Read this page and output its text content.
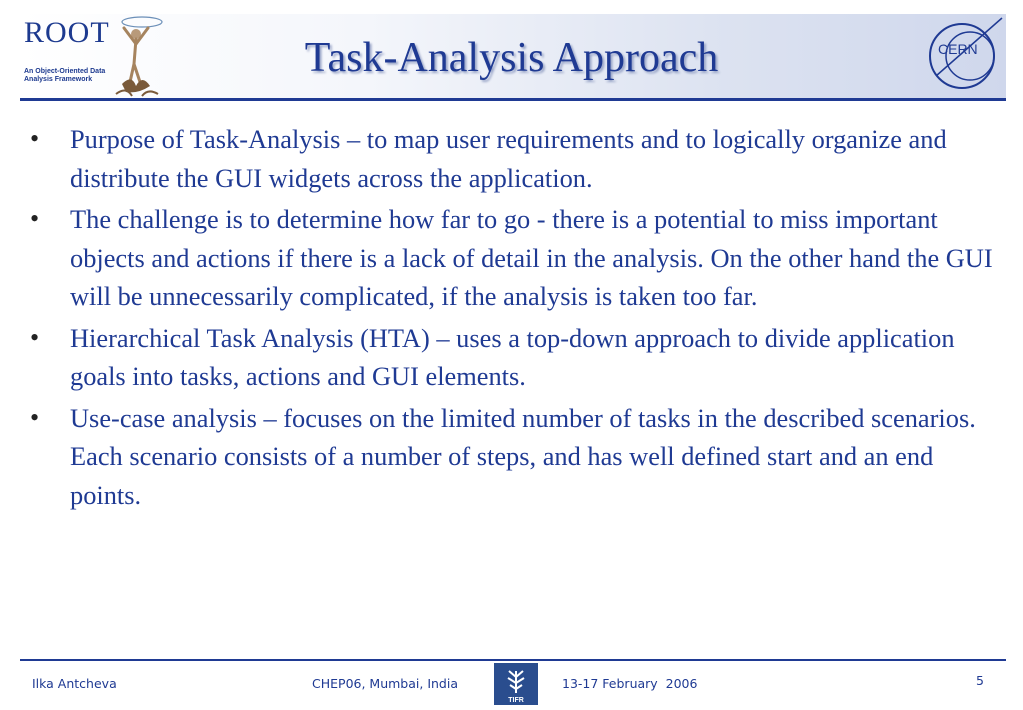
ROOT
An Object-Oriented Data Analysis Framework	Task-Analysis Approach	CERN
• Purpose of Task-Analysis – to map user requirements and to logically organize and distribute the GUI widgets across the application.
• The challenge is to determine how far to go - there is a potential to miss important objects and actions if there is a lack of detail in the analysis. On the other hand the GUI will be unnecessarily complicated, if the analysis is taken too far.
• Hierarchical Task Analysis (HTA) – uses a top-down approach to divide application goals into tasks, actions and GUI elements.
• Use-case analysis – focuses on the limited number of tasks in the described scenarios. Each scenario consists of a number of steps, and has well defined start and an end points.
Ilka Antcheva	CHEP06, Mumbai, India
TIFR
13-17 February  2006	5
